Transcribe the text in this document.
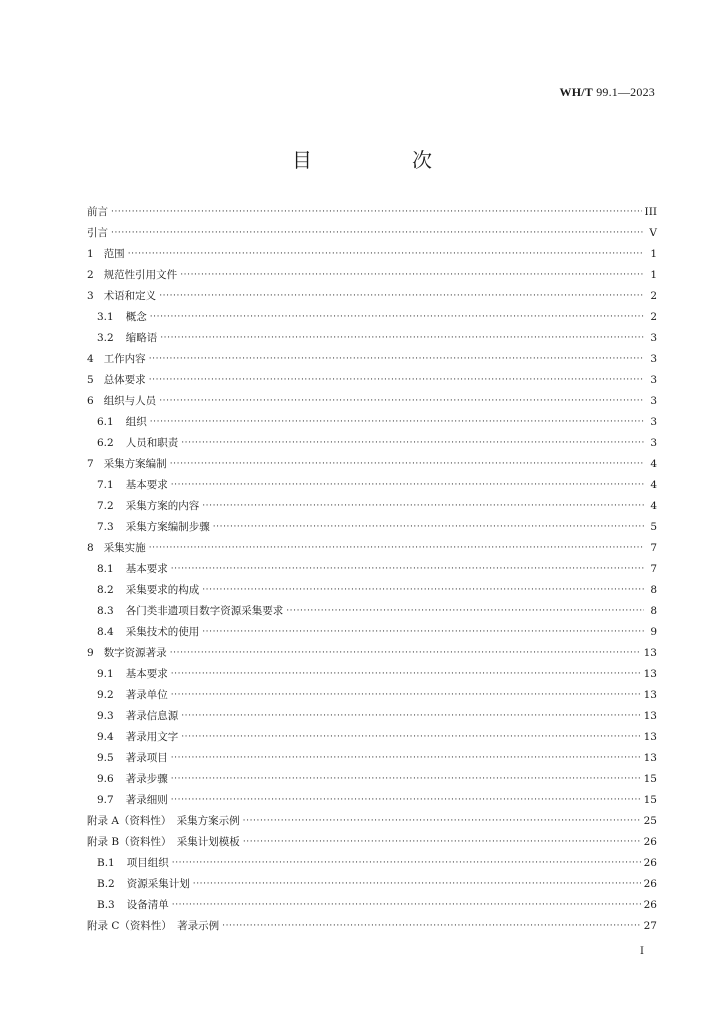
WH/T 99.1—2023
目　次
前言 ·····	III
引言 ·····	V
1 范围 ·····	1
2 规范性引用文件 ·····	1
3 术语和定义 ·····	2
3.1 概念 ·····	2
3.2 缩略语 ·····	3
4 工作内容 ·····	3
5 总体要求 ·····	3
6 组织与人员 ·····	3
6.1 组织 ·····	3
6.2 人员和职责 ·····	3
7 采集方案编制 ·····	4
7.1 基本要求 ·····	4
7.2 采集方案的内容 ·····	4
7.3 采集方案编制步骤 ·····	5
8 采集实施 ·····	7
8.1 基本要求 ·····	7
8.2 采集要求的构成 ·····	8
8.3 各门类非遗项目数字资源采集要求 ·····	8
8.4 采集技术的使用 ·····	9
9 数字资源著录 ·····	13
9.1 基本要求 ·····	13
9.2 著录单位 ·····	13
9.3 著录信息源 ·····	13
9.4 著录用文字 ·····	13
9.5 著录项目 ·····	13
9.6 著录步骤 ·····	15
9.7 著录细则 ·····	15
附录 A（资料性）　采集方案示例 ·····	25
附录 B（资料性）　采集计划模板 ·····	26
B.1 项目组织 ·····	26
B.2 资源采集计划 ·····	26
B.3 设备清单 ·····	26
附录 C（资料性）　著录示例 ·····	27
I
